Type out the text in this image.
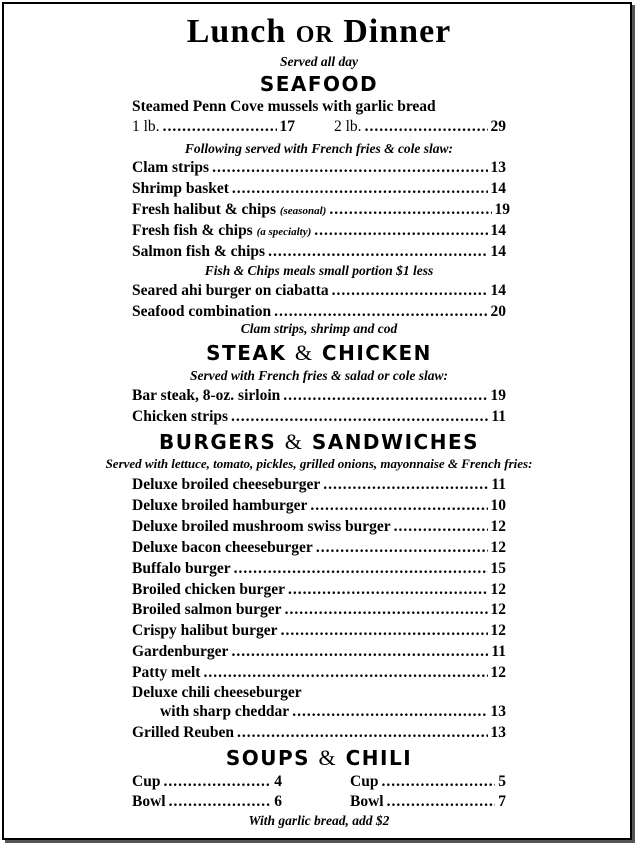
Lunch OR Dinner
Served all day
SEAFOOD
Steamed Penn Cove mussels with garlic bread
1 lb. .....	17	2 lb. .....	29
Following served with French fries & cole slaw:
Clam strips .....	13
Shrimp basket .....	14
Fresh halibut & chips (seasonal) .....	19
Fresh fish & chips (a specialty) .....	14
Salmon fish & chips .....	14
Fish & Chips meals small portion $1 less
Seared ahi burger on ciabatta .....	14
Seafood combination .....	20
Clam strips, shrimp and cod
STEAK & CHICKEN
Served with French fries & salad or cole slaw:
Bar steak, 8-oz. sirloin .....	19
Chicken strips .....	11
BURGERS & SANDWICHES
Served with lettuce, tomato, pickles, grilled onions, mayonnaise & French fries:
Deluxe broiled cheeseburger .....	11
Deluxe broiled hamburger .....	10
Deluxe broiled mushroom swiss burger .....	12
Deluxe bacon cheeseburger .....	12
Buffalo burger .....	15
Broiled chicken burger .....	12
Broiled salmon burger .....	12
Crispy halibut burger .....	12
Gardenburger .....	11
Patty melt .....	12
Deluxe chili cheeseburger
with sharp cheddar .....	13
Grilled Reuben .....	13
SOUPS & CHILI
Cup .....	4	Cup .....	5
Bowl .....	6	Bowl .....	7
With garlic bread, add $2
